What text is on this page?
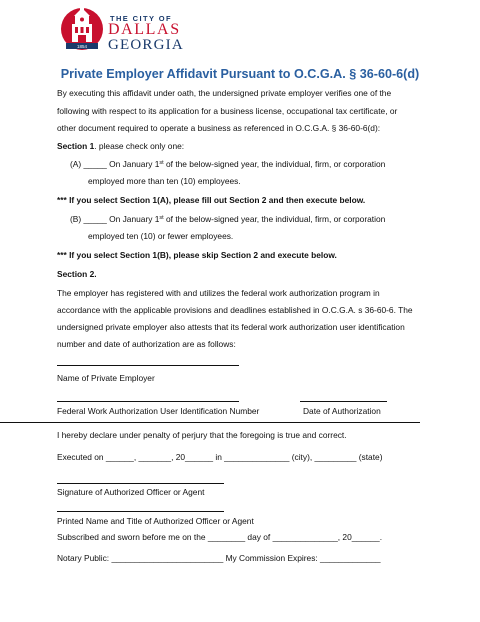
1854
THE CITY OF
DALLAS
GEORGIA
Private Employer Affidavit Pursuant to O.C.G.A. § 36-60-6(d)
By executing this affidavit under oath, the undersigned private employer verifies one of the
following with respect to its application for a business license, occupational tax certificate, or
other document required to operate a business as referenced in O.C.G.A. § 36-60-6(d):
Section 1. please check only one:
(A) _____ On January 1st of the below-signed year, the individual, firm, or corporation
employed more than ten (10) employees.
*** If you select Section 1(A), please fill out Section 2 and then execute below.
(B) _____ On January 1st of the below-signed year, the individual, firm, or corporation
employed ten (10) or fewer employees.
*** If you select Section 1(B), please skip Section 2 and execute below.
Section 2.
The employer has registered with and utilizes the federal work authorization program in
accordance with the applicable provisions and deadlines established in O.C.G.A. s 36-60-6. The
undersigned private employer also attests that its federal work authorization user identification
number and date of authorization are as follows:
Name of Private Employer
Federal Work Authorization User Identification Number	Date of Authorization
I hereby declare under penalty of perjury that the foregoing is true and correct.
Executed on ______, _______, 20______ in ______________ (city), _________ (state)
Signature of Authorized Officer or Agent
Printed Name and Title of Authorized Officer or Agent
Subscribed and sworn before me on the ________ day of ______________, 20______.
Notary Public: ________________________ My Commission Expires: _____________
